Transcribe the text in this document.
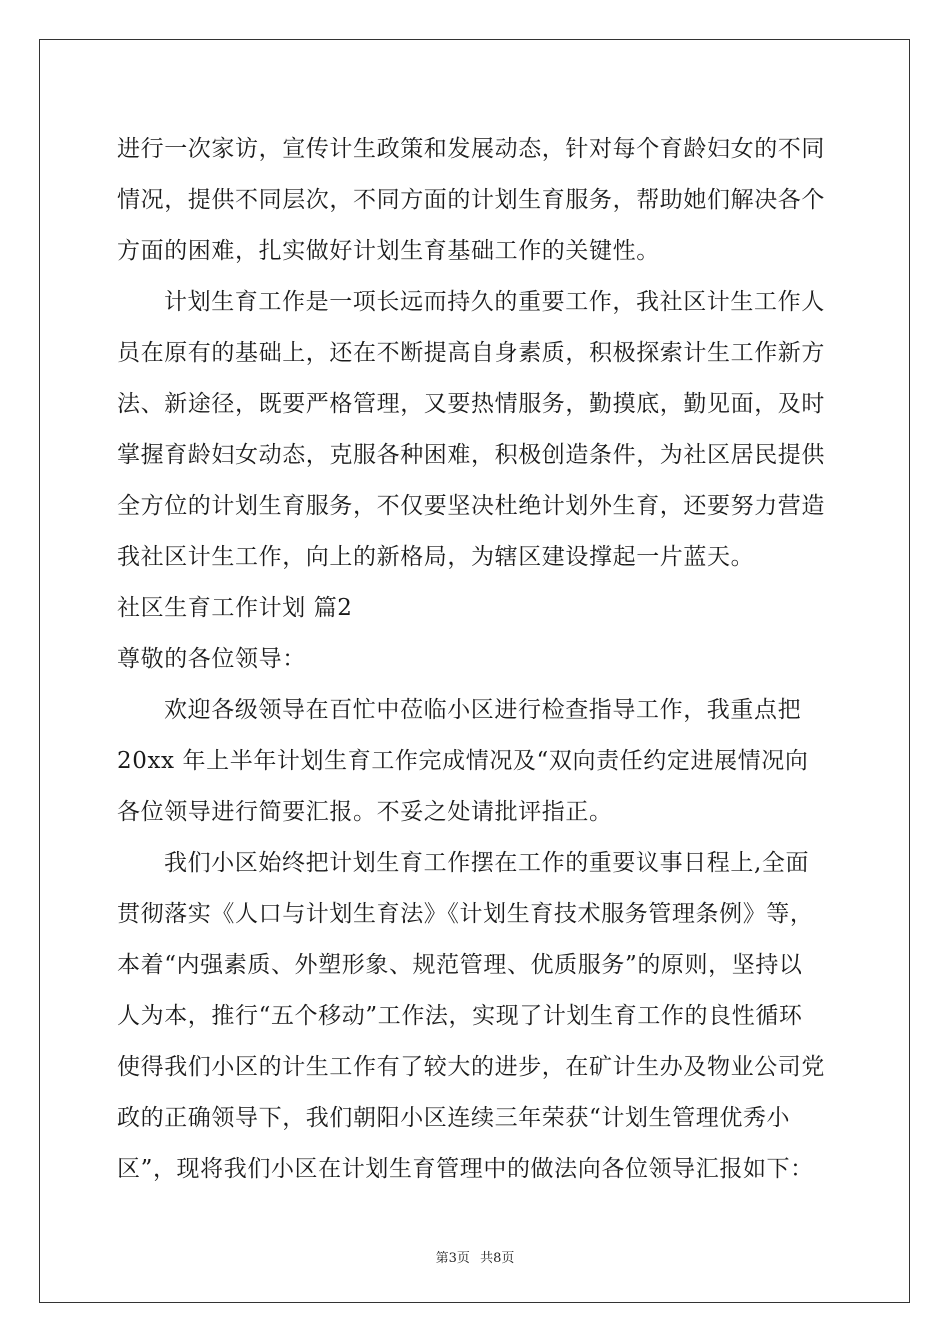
进行一次家访，宣传计生政策和发展动态，针对每个育龄妇女的不同
情况，提供不同层次，不同方面的计划生育服务，帮助她们解决各个
方面的困难，扎实做好计划生育基础工作的关键性。
计划生育工作是一项长远而持久的重要工作，我社区计生工作人
员在原有的基础上，还在不断提高自身素质，积极探索计生工作新方
法、新途径，既要严格管理，又要热情服务，勤摸底，勤见面，及时
掌握育龄妇女动态，克服各种困难，积极创造条件，为社区居民提供
全方位的计划生育服务，不仅要坚决杜绝计划外生育，还要努力营造
我社区计生工作，向上的新格局，为辖区建设撑起一片蓝天。
社区生育工作计划 篇2
尊敬的各位领导：
欢迎各级领导在百忙中莅临小区进行检查指导工作，我重点把
20xx 年上半年计划生育工作完成情况及“双向责任约定进展情况向
各位领导进行简要汇报。不妥之处请批评指正。
我们小区始终把计划生育工作摆在工作的重要议事日程上,全面
贯彻落实《人口与计划生育法》《计划生育技术服务管理条例》等，
本着“内强素质、外塑形象、规范管理、优质服务”的原则，坚持以
人为本，推行“五个移动”工作法，实现了计划生育工作的良性循环
使得我们小区的计生工作有了较大的进步，在矿计生办及物业公司党
政的正确领导下，我们朝阳小区连续三年荣获“计划生管理优秀小
区”，现将我们小区在计划生育管理中的做法向各位领导汇报如下：
第3页 共8页
